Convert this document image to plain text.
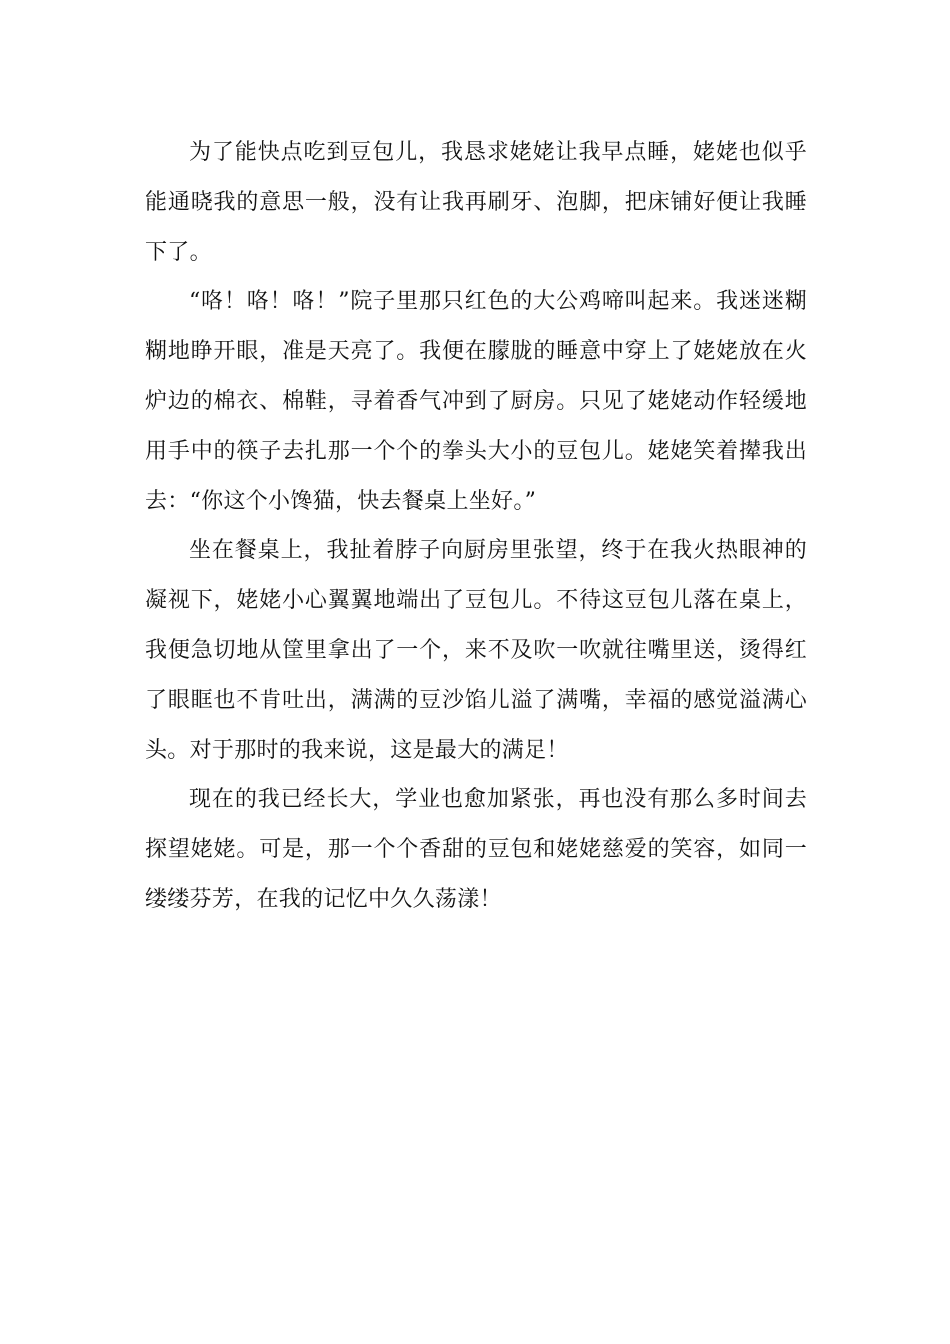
为了能快点吃到豆包儿，我恳求姥姥让我早点睡，姥姥也似乎能通晓我的意思一般，没有让我再刷牙、泡脚，把床铺好便让我睡下了。

“咯！咯！咯！”院子里那只红色的大公鸡啼叫起来。我迷迷糊糊地睁开眼，准是天亮了。我便在朦胧的睡意中穿上了姥姥放在火炉边的棉衣、棉鞋，寻着香气冲到了厨房。只见了姥姥动作轻缓地用手中的筷子去扎那一个个的拳头大小的豆包儿。姥姥笑着撵我出去：“你这个小馋猫，快去餐桌上坐好。”

坐在餐桌上，我扯着脖子向厨房里张望，终于在我火热眼神的凝视下，姥姥小心翼翼地端出了豆包儿。不待这豆包儿落在桌上，我便急切地从筐里拿出了一个，来不及吹一吹就往嘴里送，烫得红了眼眶也不肯吐出，满满的豆沙馅儿溢了满嘴，幸福的感觉溢满心头。对于那时的我来说，这是最大的满足！

现在的我已经长大，学业也愈加紧张，再也没有那么多时间去探望姥姥。可是，那一个个香甜的豆包和姥姥慈爱的笑容，如同一缕缕芬芳，在我的记忆中久久荡漾！
